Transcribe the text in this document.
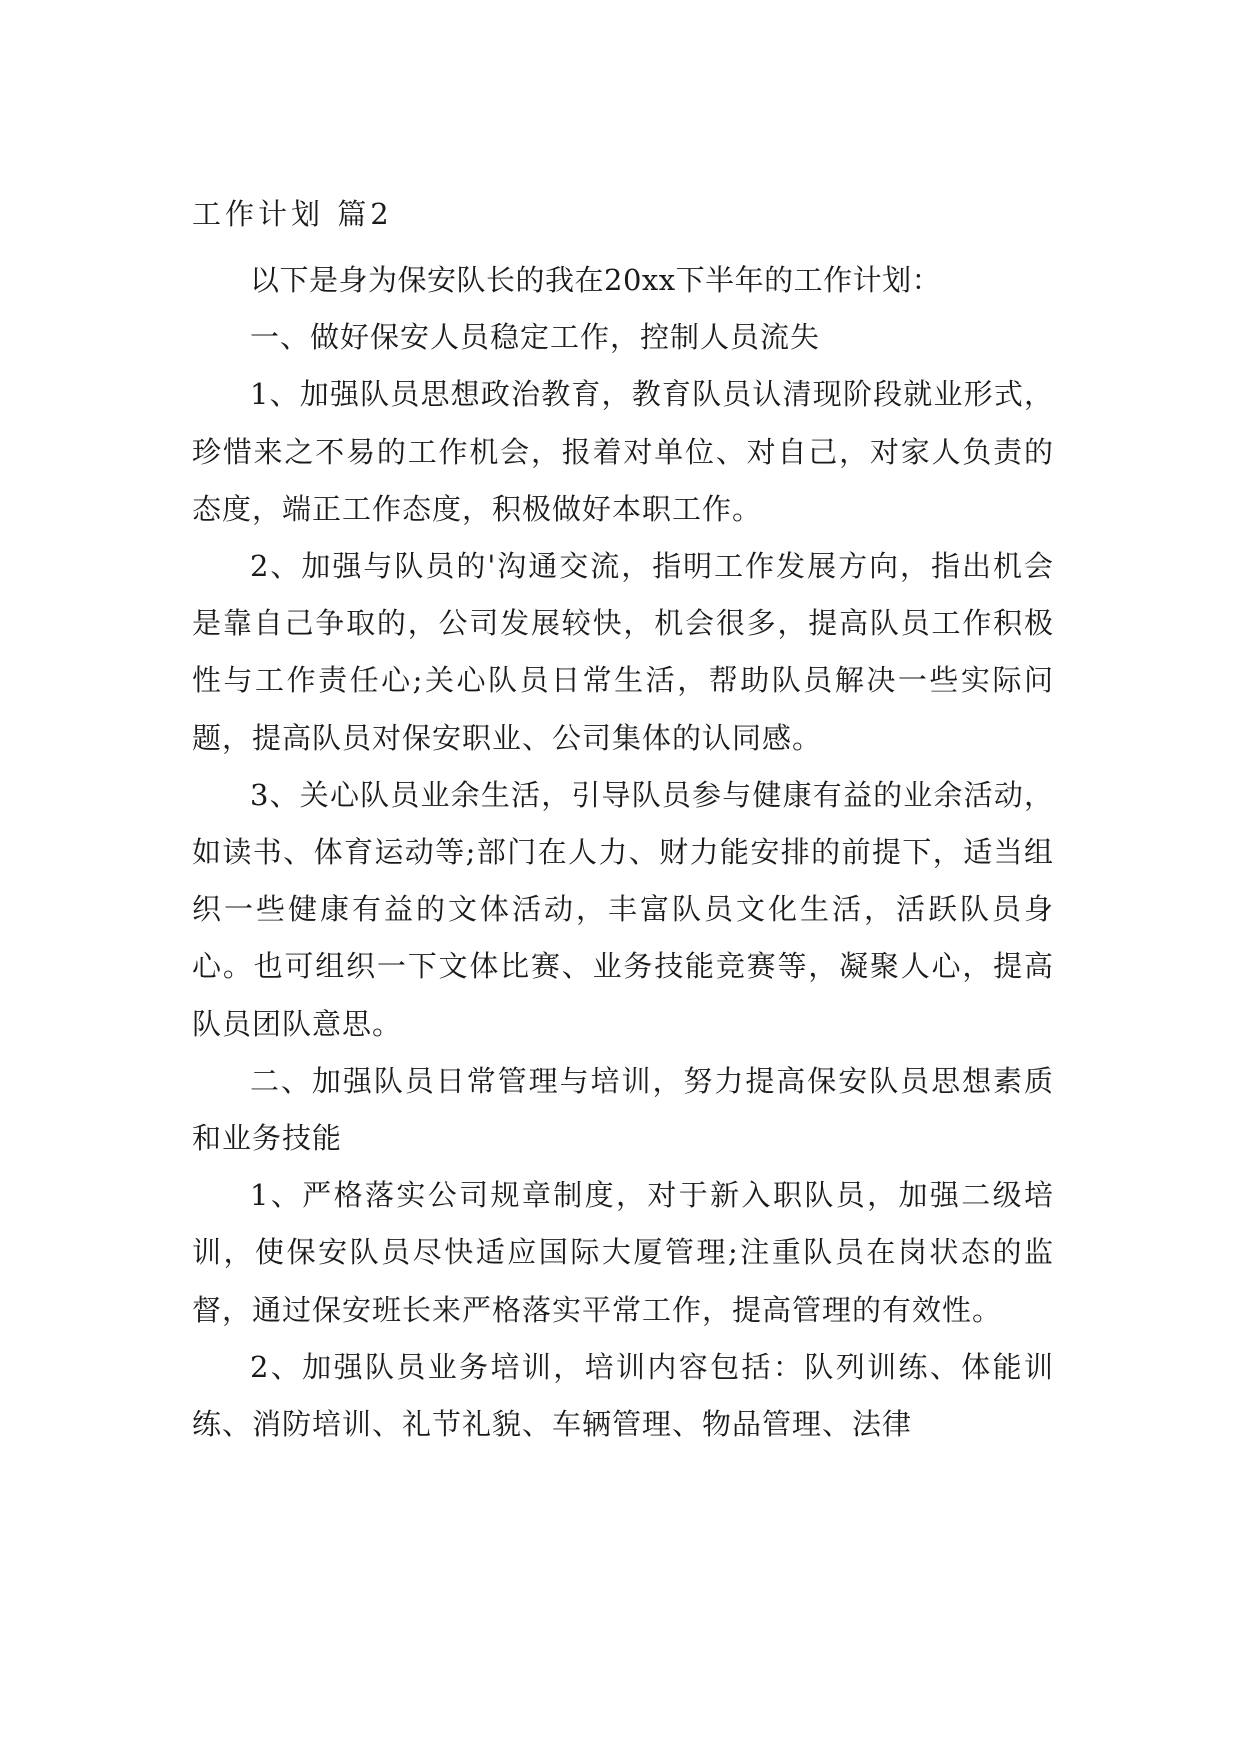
工作计划 篇2

以下是身为保安队长的我在20xx下半年的工作计划：

一、做好保安人员稳定工作，控制人员流失

1、加强队员思想政治教育，教育队员认清现阶段就业形式，珍惜来之不易的工作机会，报着对单位、对自己，对家人负责的态度，端正工作态度，积极做好本职工作。

2、加强与队员的'沟通交流，指明工作发展方向，指出机会是靠自己争取的，公司发展较快，机会很多，提高队员工作积极性与工作责任心;关心队员日常生活，帮助队员解决一些实际问题，提高队员对保安职业、公司集体的认同感。

3、关心队员业余生活，引导队员参与健康有益的业余活动，如读书、体育运动等;部门在人力、财力能安排的前提下，适当组织一些健康有益的文体活动，丰富队员文化生活，活跃队员身心。也可组织一下文体比赛、业务技能竞赛等，凝聚人心，提高队员团队意思。

二、加强队员日常管理与培训，努力提高保安队员思想素质和业务技能

1、严格落实公司规章制度，对于新入职队员，加强二级培训，使保安队员尽快适应国际大厦管理;注重队员在岗状态的监督，通过保安班长来严格落实平常工作，提高管理的有效性。

2、加强队员业务培训，培训内容包括：队列训练、体能训练、消防培训、礼节礼貌、车辆管理、物品管理、法律
